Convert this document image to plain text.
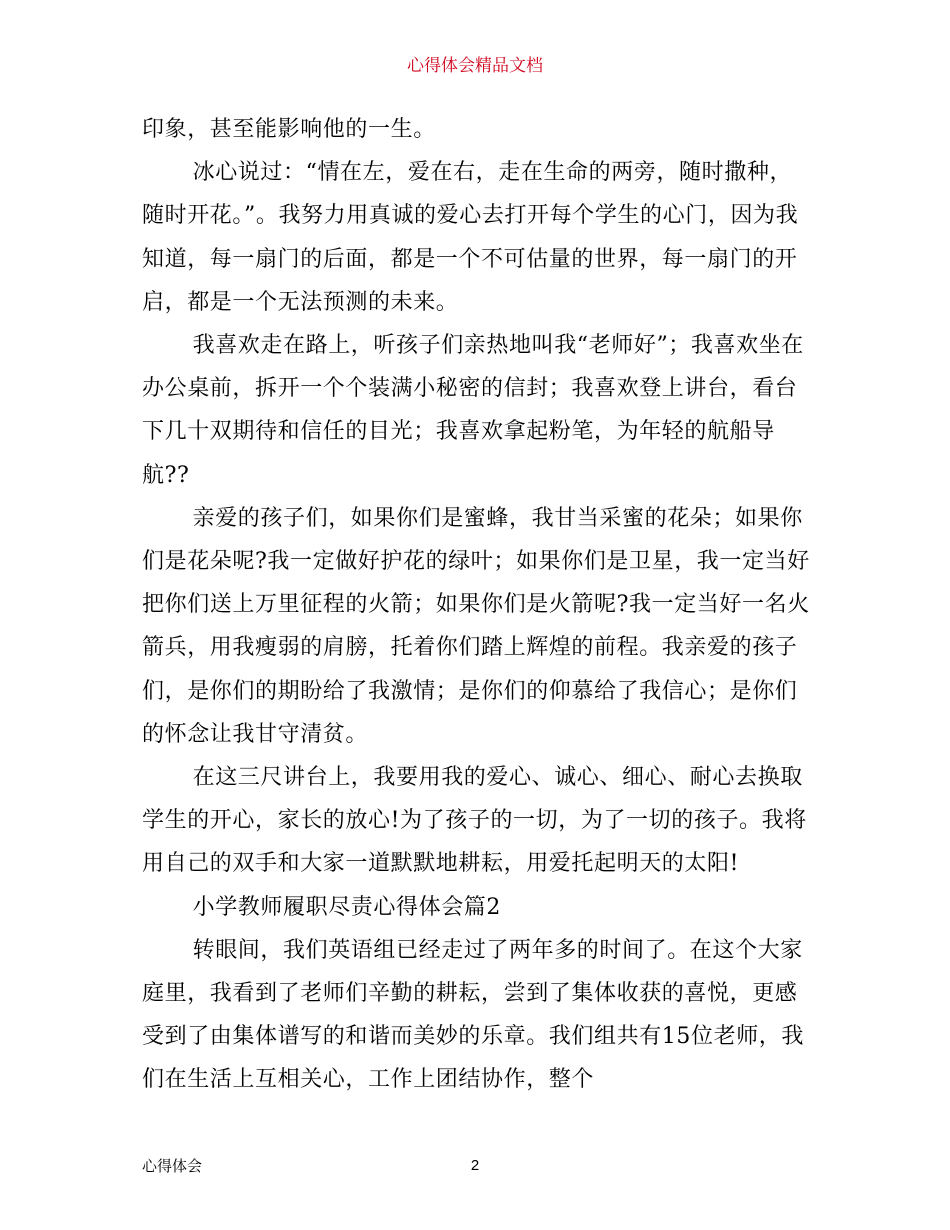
心得体会精品文档

印象，甚至能影响他的一生。

冰心说过：“情在左，爱在右，走在生命的两旁，随时撒种，随时开花。”。我努力用真诚的爱心去打开每个学生的心门，因为我知道，每一扇门的后面，都是一个不可估量的世界，每一扇门的开启，都是一个无法预测的未来。

我喜欢走在路上，听孩子们亲热地叫我“老师好”；我喜欢坐在办公桌前，拆开一个个装满小秘密的信封；我喜欢登上讲台，看台下几十双期待和信任的目光；我喜欢拿起粉笔，为年轻的航船导航??

亲爱的孩子们，如果你们是蜜蜂，我甘当采蜜的花朵；如果你们是花朵呢?我一定做好护花的绿叶；如果你们是卫星，我一定当好把你们送上万里征程的火箭；如果你们是火箭呢?我一定当好一名火箭兵，用我瘦弱的肩膀，托着你们踏上辉煌的前程。我亲爱的孩子们，是你们的期盼给了我激情；是你们的仰慕给了我信心；是你们的怀念让我甘守清贫。

在这三尺讲台上，我要用我的爱心、诚心、细心、耐心去换取学生的开心，家长的放心!为了孩子的一切，为了一切的孩子。我将用自己的双手和大家一道默默地耕耘，用爱托起明天的太阳!

小学教师履职尽责心得体会篇2

转眼间，我们英语组已经走过了两年多的时间了。在这个大家庭里，我看到了老师们辛勤的耕耘，尝到了集体收获的喜悦，更感受到了由集体谱写的和谐而美妙的乐章。我们组共有15位老师，我们在生活上互相关心，工作上团结协作，整个

心得体会	2
